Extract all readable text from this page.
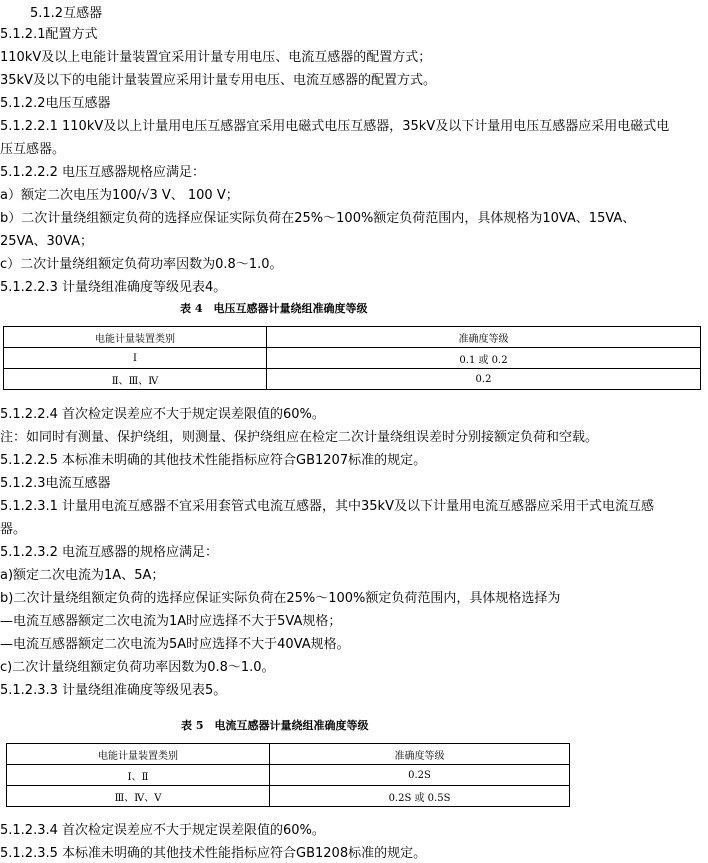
5.1.2互感器
5.1.2.1配置方式
110kV及以上电能计量装置宜采用计量专用电压、电流互感器的配置方式；
35kV及以下的电能计量装置应采用计量专用电压、电流互感器的配置方式。
5.1.2.2电压互感器
5.1.2.2.1 110kV及以上计量用电压互感器宜采用电磁式电压互感器，35kV及以下计量用电压互感器应采用电磁式电
压互感器。
5.1.2.2.2 电压互感器规格应满足：
a）额定二次电压为100/√3 V、 100 V；
b）二次计量绕组额定负荷的选择应保证实际负荷在25%～100%额定负荷范围内，具体规格为10VA、15VA、
25VA、30VA；
c）二次计量绕组额定负荷功率因数为0.8～1.0。
5.1.2.2.3 计量绕组准确度等级见表4。
表 4　电压互感器计量绕组准确度等级
电能计量装置类别	准确度等级
Ⅰ	0.1 或 0.2
Ⅱ、Ⅲ、Ⅳ	0.2
5.1.2.2.4 首次检定误差应不大于规定误差限值的60%。
注：如同时有测量、保护绕组，则测量、保护绕组应在检定二次计量绕组误差时分别接额定负荷和空载。
5.1.2.2.5 本标准未明确的其他技术性能指标应符合GB1207标准的规定。
5.1.2.3电流互感器
5.1.2.3.1 计量用电流互感器不宜采用套管式电流互感器，其中35kV及以下计量用电流互感器应采用干式电流互感
器。
5.1.2.3.2 电流互感器的规格应满足：
a)额定二次电流为1A、5A；
b)二次计量绕组额定负荷的选择应保证实际负荷在25%～100%额定负荷范围内，具体规格选择为
—电流互感器额定二次电流为1A时应选择不大于5VA规格；
—电流互感器额定二次电流为5A时应选择不大于40VA规格。
c)二次计量绕组额定负荷功率因数为0.8～1.0。
5.1.2.3.3 计量绕组准确度等级见表5。
表 5　电流互感器计量绕组准确度等级
电能计量装置类别	准确度等级
Ⅰ、Ⅱ	0.2S
Ⅲ、Ⅳ、Ⅴ	0.2S 或 0.5S
5.1.2.3.4 首次检定误差应不大于规定误差限值的60%。
5.1.2.3.5 本标准未明确的其他技术性能指标应符合GB1208标准的规定。
